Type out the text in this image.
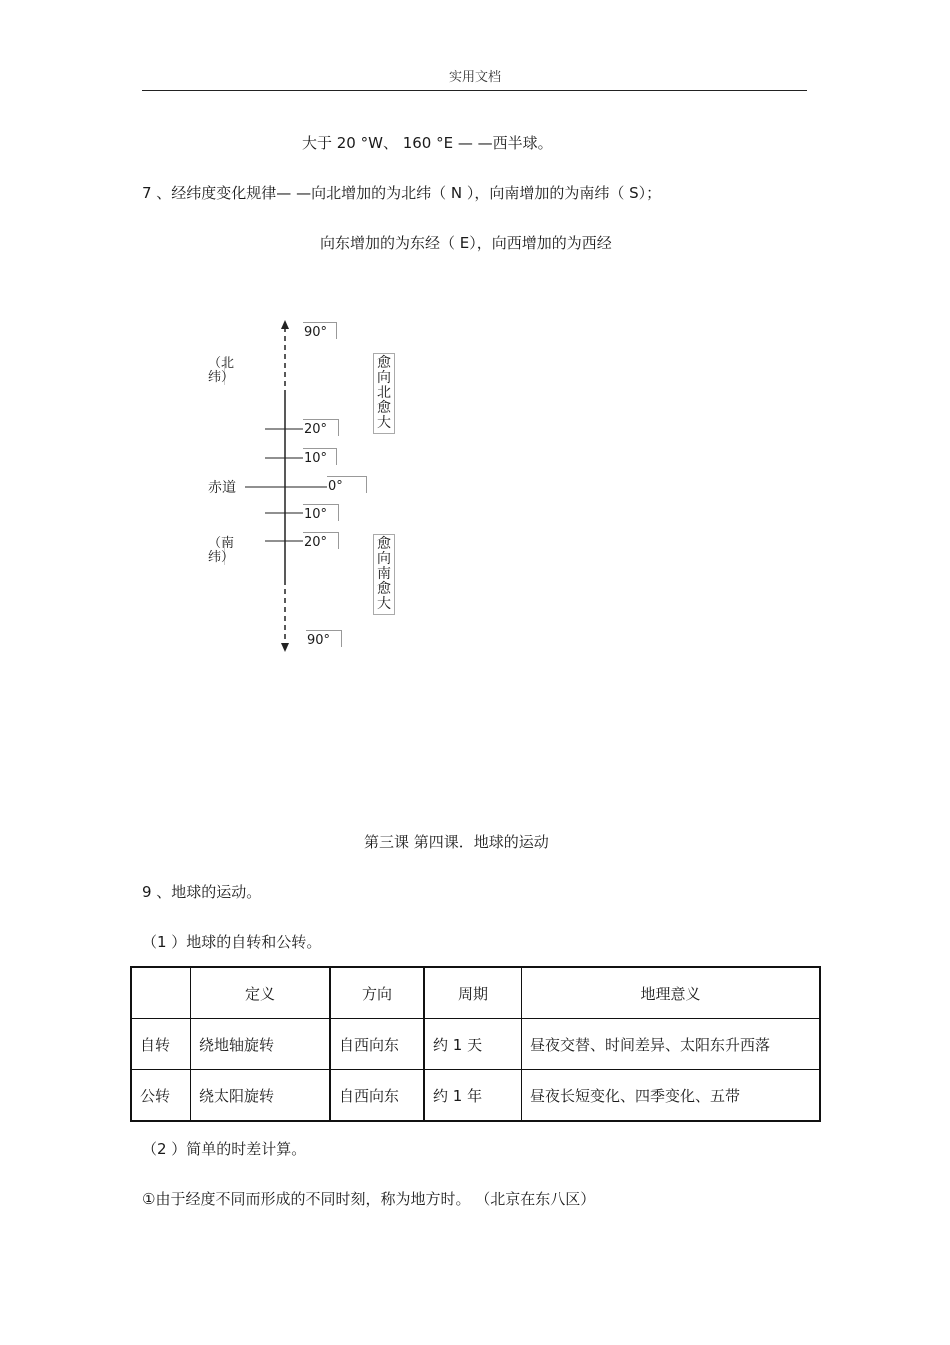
实用文档
大于 20 °W、 160 °E — —西半球。
7 、经纬度变化规律— —向北增加的为北纬（ N ），向南增加的为南纬（ S）；
向东增加的为东经（ E），向西增加的为西经
90°
20°
10°
0°
10°
20°
90°
赤道
（北纬）
（南纬）
愈向北愈大
愈向南愈大
第三课 第四课．地球的运动
9 、地球的运动。
（1 ）地球的自转和公转。
	定义	方向	周期	地理意义
自转	绕地轴旋转	自西向东	约 1 天	昼夜交替、时间差异、太阳东升西落
公转	绕太阳旋转	自西向东	约 1 年	昼夜长短变化、四季变化、五带
（2 ）简单的时差计算。
①由于经度不同而形成的不同时刻，称为地方时。 （北京在东八区）
